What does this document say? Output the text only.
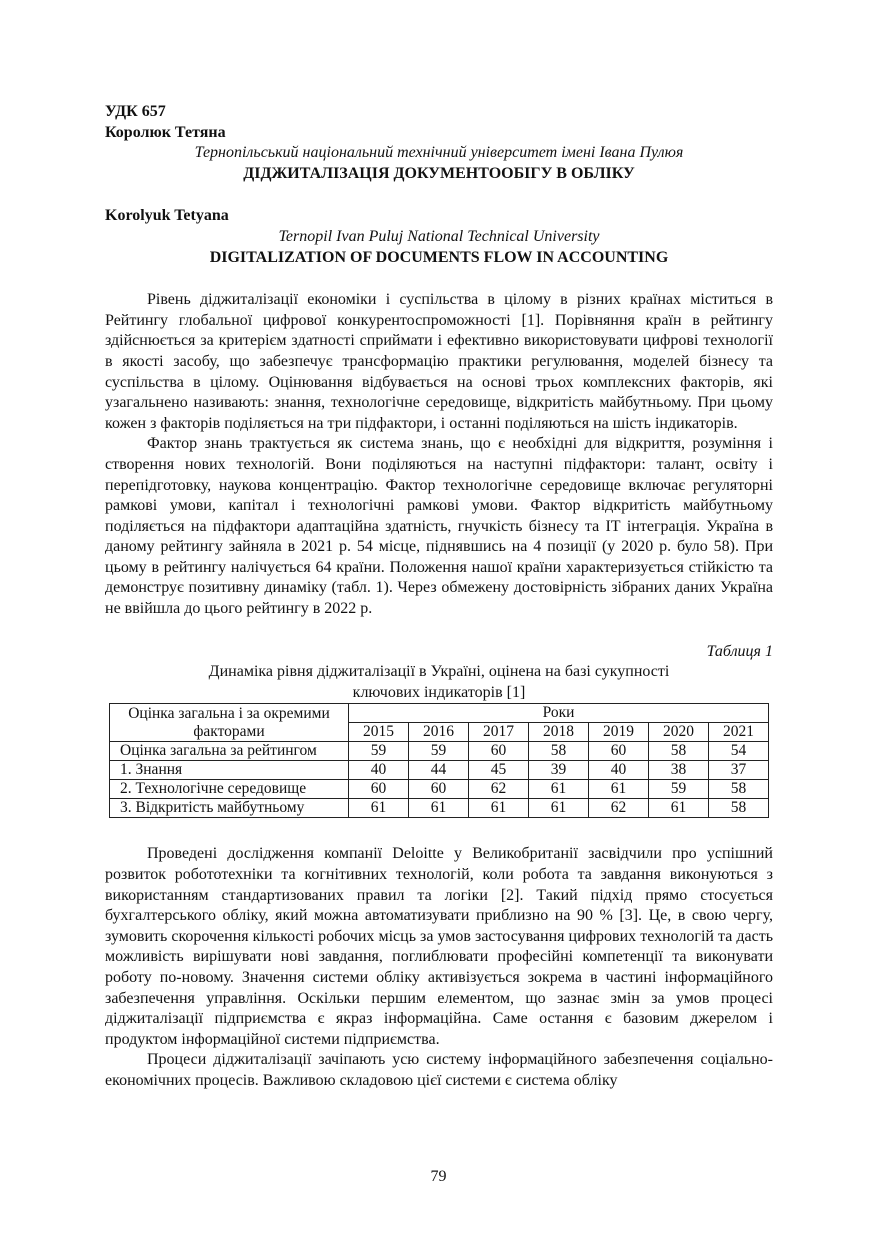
УДК 657

Королюк Тетяна

Тернопільський національний технічний університет імені Івана Пулюя

ДІДЖИТАЛІЗАЦІЯ ДОКУМЕНТООБІГУ В ОБЛІКУ

Korolyuk Tetyana

Ternopil Ivan Puluj National Technical University

DIGITALIZATION OF DOCUMENTS FLOW IN ACCOUNTING

Рівень діджиталізації економіки і суспільства в цілому в різних країнах міститься в Рейтингу глобальної цифрової конкурентоспроможності [1]. Порівняння країн в рейтингу здійснюється за критерієм здатності сприймати і ефективно використовувати цифрові технології в якості засобу, що забезпечує трансформацію практики регулювання, моделей бізнесу та суспільства в цілому. Оцінювання відбувається на основі трьох комплексних факторів, які узагальнено називають: знання, технологічне середовище, відкритість майбутньому. При цьому кожен з факторів поділяється на три підфактори, і останні поділяються на шість індикаторів.

Фактор знань трактується як система знань, що є необхідні для відкриття, розуміння і створення нових технологій. Вони поділяються на наступні підфактори: талант, освіту і перепідготовку, наукова концентрацію. Фактор технологічне середовище включає регуляторні рамкові умови, капітал і технологічні рамкові умови. Фактор відкритість майбутньому поділяється на підфактори адаптаційна здатність, гнучкість бізнесу та ІТ інтеграція. Україна в даному рейтингу зайняла в 2021 р. 54 місце, піднявшись на 4 позиції (у 2020 р. було 58). При цьому в рейтингу налічується 64 країни. Положення нашої країни характеризується стійкістю та демонструє позитивну динаміку (табл. 1). Через обмежену достовірність зібраних даних Україна не ввійшла до цього рейтингу в 2022 р.

Таблиця 1

Динаміка рівня діджиталізації в Україні, оцінена на базі сукупності

ключових індикаторів [1]

Оцінка загальна і за окремими факторами	Роки						
	2015	2016	2017	2018	2019	2020	2021
Оцінка загальна за рейтингом	59	59	60	58	60	58	54
1. Знання	40	44	45	39	40	38	37
2. Технологічне середовище	60	60	62	61	61	59	58
3. Відкритість майбутньому	61	61	61	61	62	61	58

Проведені дослідження компанії Deloitte у Великобританії засвідчили про успішний розвиток робототехніки та когнітивних технологій, коли робота та завдання виконуються з використанням стандартизованих правил та логіки [2]. Такий підхід прямо стосується бухгалтерського обліку, який можна автоматизувати приблизно на 90 % [3]. Це, в свою чергу, зумовить скорочення кількості робочих місць за умов застосування цифрових технологій та дасть можливість вирішувати нові завдання, поглиблювати професійні компетенції та виконувати роботу по-новому. Значення системи обліку активізується зокрема в частині інформаційного забезпечення управління. Оскільки першим елементом, що зазнає змін за умов процесі діджиталізації підприємства є якраз інформаційна. Саме остання є базовим джерелом і продуктом інформаційної системи підприємства.

Процеси діджиталізації зачіпають усю систему інформаційного забезпечення соціально-економічних процесів. Важливою складовою цієї системи є система обліку

79
